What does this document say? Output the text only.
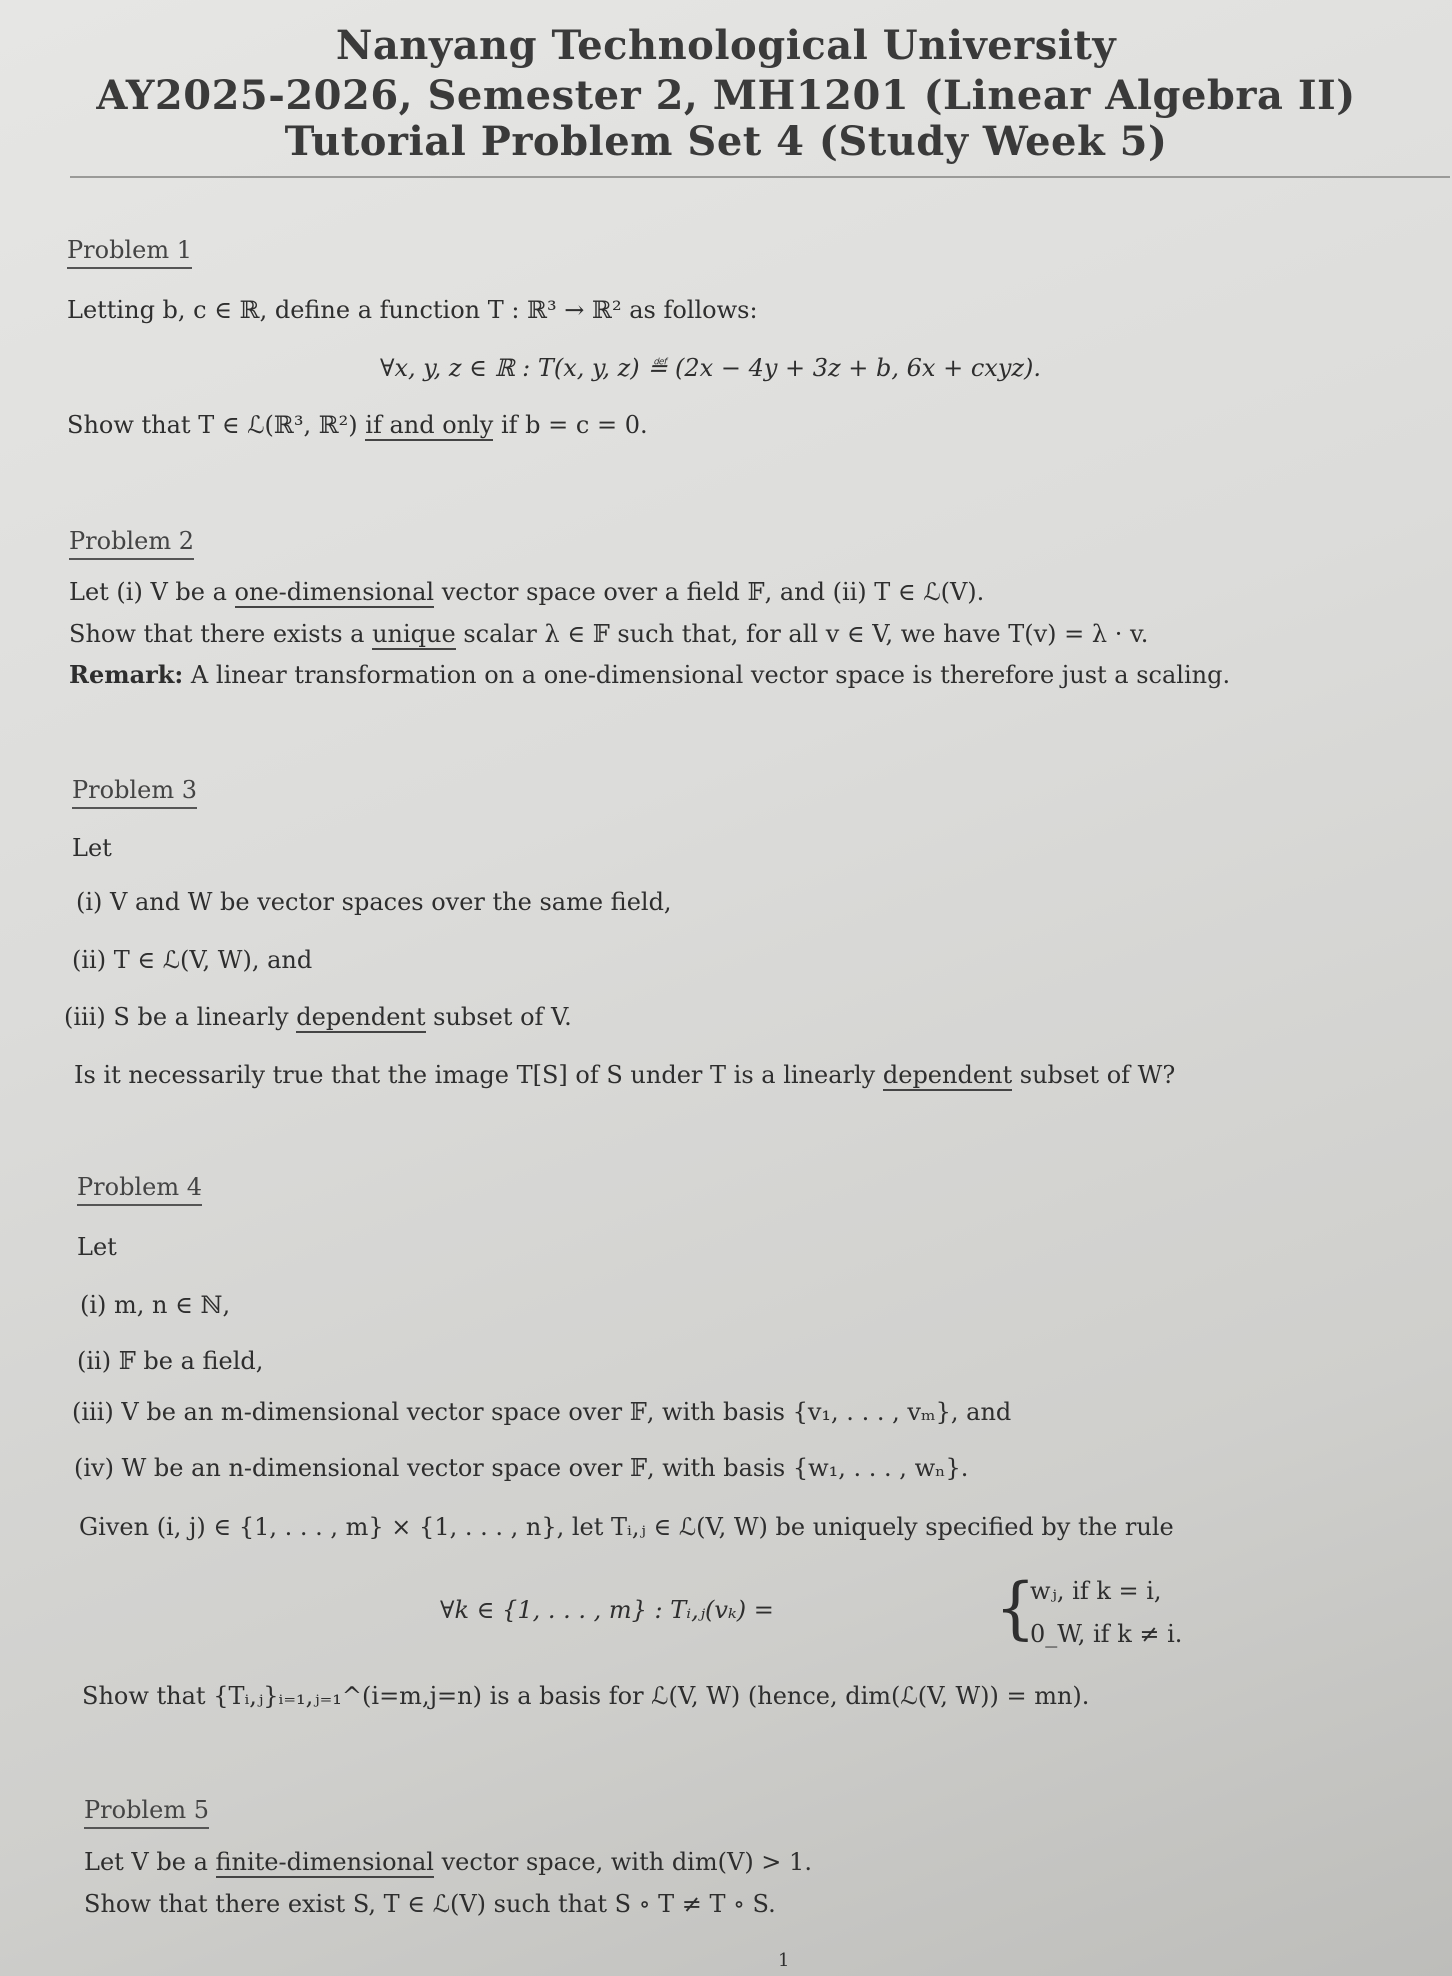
Nanyang Technological University
AY2025-2026, Semester 2, MH1201 (Linear Algebra II)
Tutorial Problem Set 4 (Study Week 5)
Problem 1
Letting b, c ∈ ℝ, define a function T : ℝ³ → ℝ² as follows:
∀x, y, z ∈ ℝ : T(x, y, z) ≝ (2x − 4y + 3z + b, 6x + cxyz).
Show that T ∈ ℒ(ℝ³, ℝ²) if and only if b = c = 0.
Problem 2
Let (i) V be a one-dimensional vector space over a field 𝔽, and (ii) T ∈ ℒ(V).
Show that there exists a unique scalar λ ∈ 𝔽 such that, for all v ∈ V, we have T(v) = λ · v.
Remark: A linear transformation on a one-dimensional vector space is therefore just a scaling.
Problem 3
Let
(i) V and W be vector spaces over the same field,
(ii) T ∈ ℒ(V, W), and
(iii) S be a linearly dependent subset of V.
Is it necessarily true that the image T[S] of S under T is a linearly dependent subset of W?
Problem 4
Let
(i) m, n ∈ ℕ,
(ii) 𝔽 be a field,
(iii) V be an m-dimensional vector space over 𝔽, with basis {v₁, . . . , vₘ}, and
(iv) W be an n-dimensional vector space over 𝔽, with basis {w₁, . . . , wₙ}.
Given (i, j) ∈ {1, . . . , m} × {1, . . . , n}, let Tᵢ,ⱼ ∈ ℒ(V, W) be uniquely specified by the rule
∀k ∈ {1, . . . , m} : Tᵢ,ⱼ(vₖ) =	{
wⱼ, if k = i,
0_W, if k ≠ i.
Show that {Tᵢ,ⱼ}ᵢ₌₁,ⱼ₌₁^(i=m,j=n) is a basis for ℒ(V, W) (hence, dim(ℒ(V, W)) = mn).
Problem 5
Let V be a finite-dimensional vector space, with dim(V) > 1.
Show that there exist S, T ∈ ℒ(V) such that S ∘ T ≠ T ∘ S.
1
